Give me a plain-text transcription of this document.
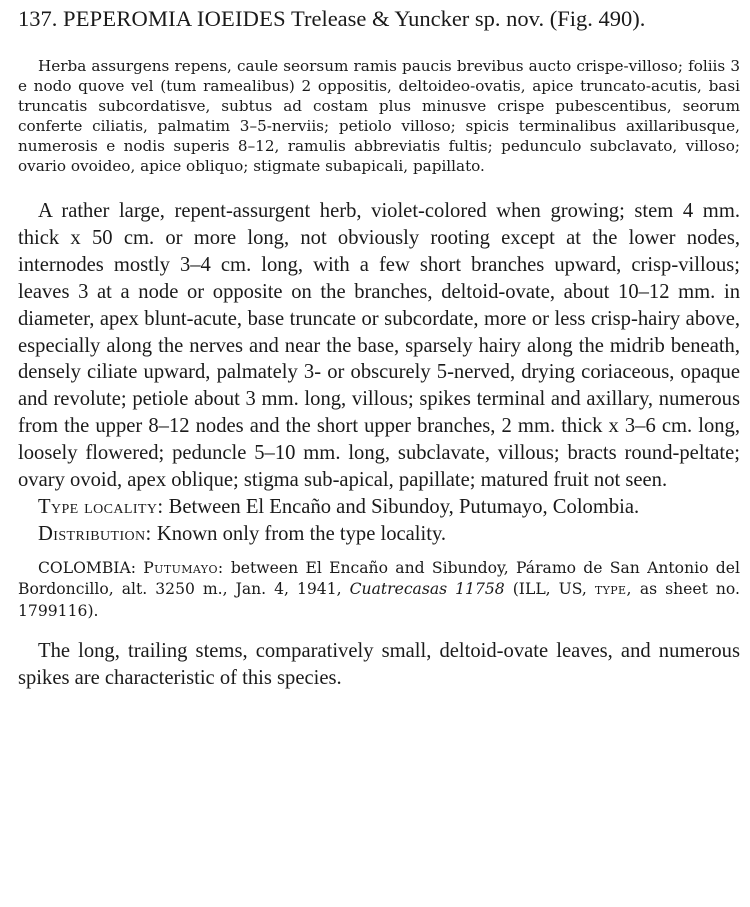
137. PEPEROMIA IOEIDES Trelease & Yuncker sp. nov. (Fig. 490).

Herba assurgens repens, caule seorsum ramis paucis brevibus aucto crispe-villoso; foliis 3 e nodo quove vel (tum ramealibus) 2 oppositis, deltoideo-ovatis, apice truncato-acutis, basi truncatis subcordatisve, subtus ad costam plus minusve crispe pubescentibus, seorum conferte ciliatis, palmatim 3–5-nerviis; petiolo villoso; spicis terminalibus axillaribusque, numerosis e nodis superis 8–12, ramulis abbreviatis fultis; pedunculo subclavato, villoso; ovario ovoideo, apice obliquo; stigmate subapicali, papillato.

A rather large, repent-assurgent herb, violet-colored when growing; stem 4 mm. thick x 50 cm. or more long, not obviously rooting except at the lower nodes, internodes mostly 3–4 cm. long, with a few short branches upward, crisp-villous; leaves 3 at a node or opposite on the branches, deltoid-ovate, about 10–12 mm. in diameter, apex blunt-acute, base truncate or subcordate, more or less crisp-hairy above, especially along the nerves and near the base, sparsely hairy along the midrib beneath, densely ciliate upward, palmately 3- or obscurely 5-nerved, drying coriaceous, opaque and revolute; petiole about 3 mm. long, villous; spikes terminal and axillary, numerous from the upper 8–12 nodes and the short upper branches, 2 mm. thick x 3–6 cm. long, loosely flowered; peduncle 5–10 mm. long, subclavate, villous; bracts round-peltate; ovary ovoid, apex oblique; stigma sub-apical, papillate; matured fruit not seen.

Type locality: Between El Encaño and Sibundoy, Putumayo, Colombia.

Distribution: Known only from the type locality.

COLOMBIA: Putumayo: between El Encaño and Sibundoy, Páramo de San Antonio del Bordoncillo, alt. 3250 m., Jan. 4, 1941, Cuatrecasas 11758 (ILL, US, type, as sheet no. 1799116).

The long, trailing stems, comparatively small, deltoid-ovate leaves, and numerous spikes are characteristic of this species.
